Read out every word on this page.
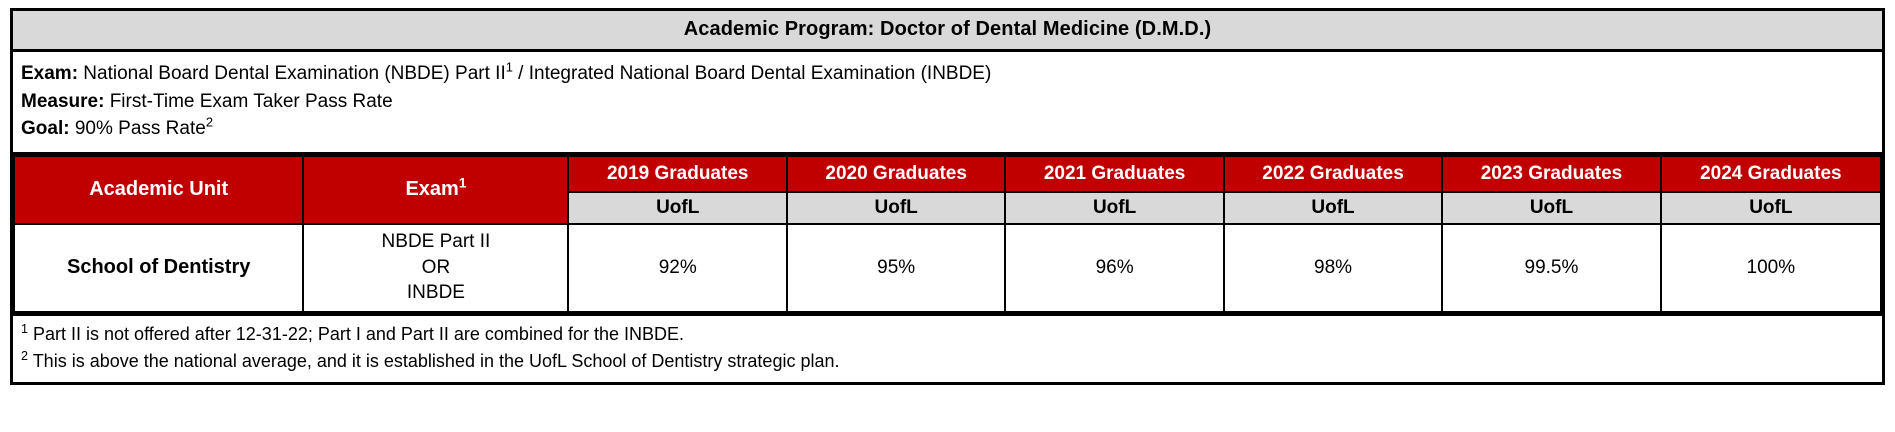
Academic Program: Doctor of Dental Medicine (D.M.D.)
Exam: National Board Dental Examination (NBDE) Part $II^1$ / Integrated National Board Dental Examination (INBDE)
Measure: First-Time Exam Taker Pass Rate
Goal: 90% Pass Rate$^2$
Academic Unit	Exam$^1$	2019 Graduates	2020 Graduates	2021 Graduates	2022 Graduates	2023 Graduates	2024 Graduates
		UofL	UofL	UofL	UofL	UofL	UofL
School of Dentistry	NBDE Part II
OR
INBDE	92%	95%	96%	98%	99.5%	100%
$^1$ Part II is not offered after 12-31-22; Part I and Part II are combined for the INBDE.
$^2$ This is above the national average, and it is established in the UofL School of Dentistry strategic plan.
